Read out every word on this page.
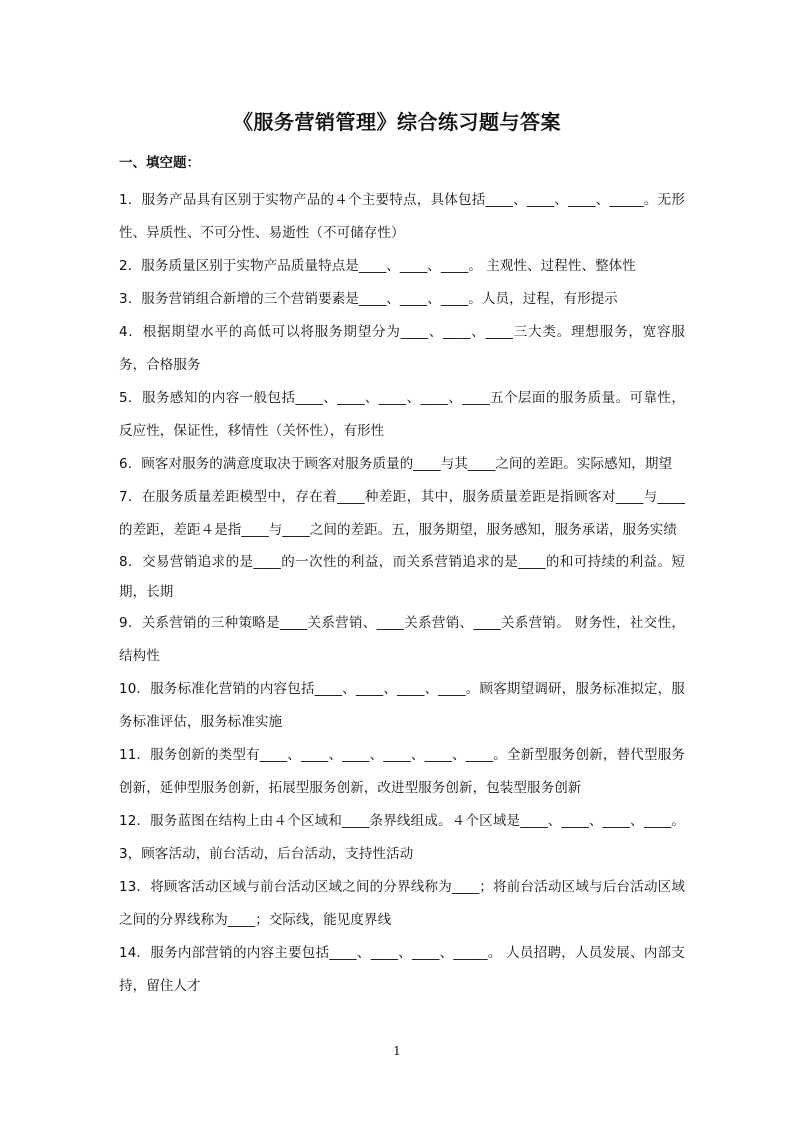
《服务营销管理》综合练习题与答案
一、填空题：

1．服务产品具有区别于实物产品的４个主要特点，具体包括____、____、____、_____。无形性、异质性、不可分性、易逝性（不可储存性）

2．服务质量区别于实物产品质量特点是____、____、____。 主观性、过程性、整体性

3．服务营销组合新增的三个营销要素是____、____、____。人员，过程，有形提示

4．根据期望水平的高低可以将服务期望分为____、____、____三大类。理想服务，宽容服务，合格服务

5．服务感知的内容一般包括____、____、____、____、____五个层面的服务质量。可靠性，反应性，保证性，移情性（关怀性），有形性

6．顾客对服务的满意度取决于顾客对服务质量的____与其____之间的差距。实际感知，期望

7．在服务质量差距模型中，存在着____种差距，其中，服务质量差距是指顾客对____与____的差距，差距４是指____与____之间的差距。五，服务期望，服务感知，服务承诺，服务实绩

8．交易营销追求的是____的一次性的利益，而关系营销追求的是____的和可持续的利益。短期，长期

9．关系营销的三种策略是____关系营销、____关系营销、____关系营销。 财务性，社交性，结构性

10．服务标准化营销的内容包括____、____、____、____。顾客期望调研，服务标准拟定，服务标准评估，服务标准实施

11．服务创新的类型有____、____、____、____、____、____。全新型服务创新，替代型服务创新，延伸型服务创新，拓展型服务创新，改进型服务创新，包装型服务创新

12．服务蓝图在结构上由４个区域和____条界线组成。４个区域是____、____、____、____。3，顾客活动，前台活动，后台活动，支持性活动

13．将顾客活动区域与前台活动区域之间的分界线称为____；将前台活动区域与后台活动区域之间的分界线称为____；交际线，能见度界线

14．服务内部营销的内容主要包括____、____、____、_____。 人员招聘，人员发展、内部支持，留住人才

1
